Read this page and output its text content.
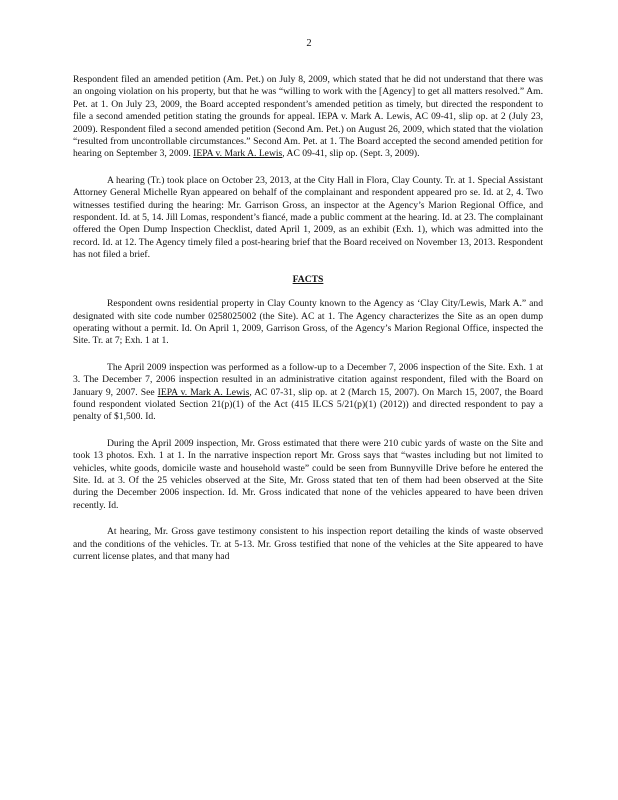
2

Respondent filed an amended petition (Am. Pet.) on July 8, 2009, which stated that he did not understand that there was an ongoing violation on his property, but that he was “willing to work with the [Agency] to get all matters resolved.” Am. Pet. at 1. On July 23, 2009, the Board accepted respondent’s amended petition as timely, but directed the respondent to file a second amended petition stating the grounds for appeal. IEPA v. Mark A. Lewis, AC 09-41, slip op. at 2 (July 23, 2009). Respondent filed a second amended petition (Second Am. Pet.) on August 26, 2009, which stated that the violation “resulted from uncontrollable circumstances.” Second Am. Pet. at 1. The Board accepted the second amended petition for hearing on September 3, 2009. IEPA v. Mark A. Lewis, AC 09-41, slip op. (Sept. 3, 2009).

A hearing (Tr.) took place on October 23, 2013, at the City Hall in Flora, Clay County. Tr. at 1. Special Assistant Attorney General Michelle Ryan appeared on behalf of the complainant and respondent appeared pro se. Id. at 2, 4. Two witnesses testified during the hearing: Mr. Garrison Gross, an inspector at the Agency’s Marion Regional Office, and respondent. Id. at 5, 14. Jill Lomas, respondent’s fiancé, made a public comment at the hearing. Id. at 23. The complainant offered the Open Dump Inspection Checklist, dated April 1, 2009, as an exhibit (Exh. 1), which was admitted into the record. Id. at 12. The Agency timely filed a post-hearing brief that the Board received on November 13, 2013. Respondent has not filed a brief.

FACTS

Respondent owns residential property in Clay County known to the Agency as ‘Clay City/Lewis, Mark A.” and designated with site code number 0258025002 (the Site). AC at 1. The Agency characterizes the Site as an open dump operating without a permit. Id. On April 1, 2009, Garrison Gross, of the Agency’s Marion Regional Office, inspected the Site. Tr. at 7; Exh. 1 at 1.

The April 2009 inspection was performed as a follow-up to a December 7, 2006 inspection of the Site. Exh. 1 at 3. The December 7, 2006 inspection resulted in an administrative citation against respondent, filed with the Board on January 9, 2007. See IEPA v. Mark A. Lewis, AC 07-31, slip op. at 2 (March 15, 2007). On March 15, 2007, the Board found respondent violated Section 21(p)(1) of the Act (415 ILCS 5/21(p)(1) (2012)) and directed respondent to pay a penalty of $1,500. Id.

During the April 2009 inspection, Mr. Gross estimated that there were 210 cubic yards of waste on the Site and took 13 photos. Exh. 1 at 1. In the narrative inspection report Mr. Gross says that “wastes including but not limited to vehicles, white goods, domicile waste and household waste” could be seen from Bunnyville Drive before he entered the Site. Id. at 3. Of the 25 vehicles observed at the Site, Mr. Gross stated that ten of them had been observed at the Site during the December 2006 inspection. Id. Mr. Gross indicated that none of the vehicles appeared to have been driven recently. Id.

At hearing, Mr. Gross gave testimony consistent to his inspection report detailing the kinds of waste observed and the conditions of the vehicles. Tr. at 5-13. Mr. Gross testified that none of the vehicles at the Site appeared to have current license plates, and that many had
